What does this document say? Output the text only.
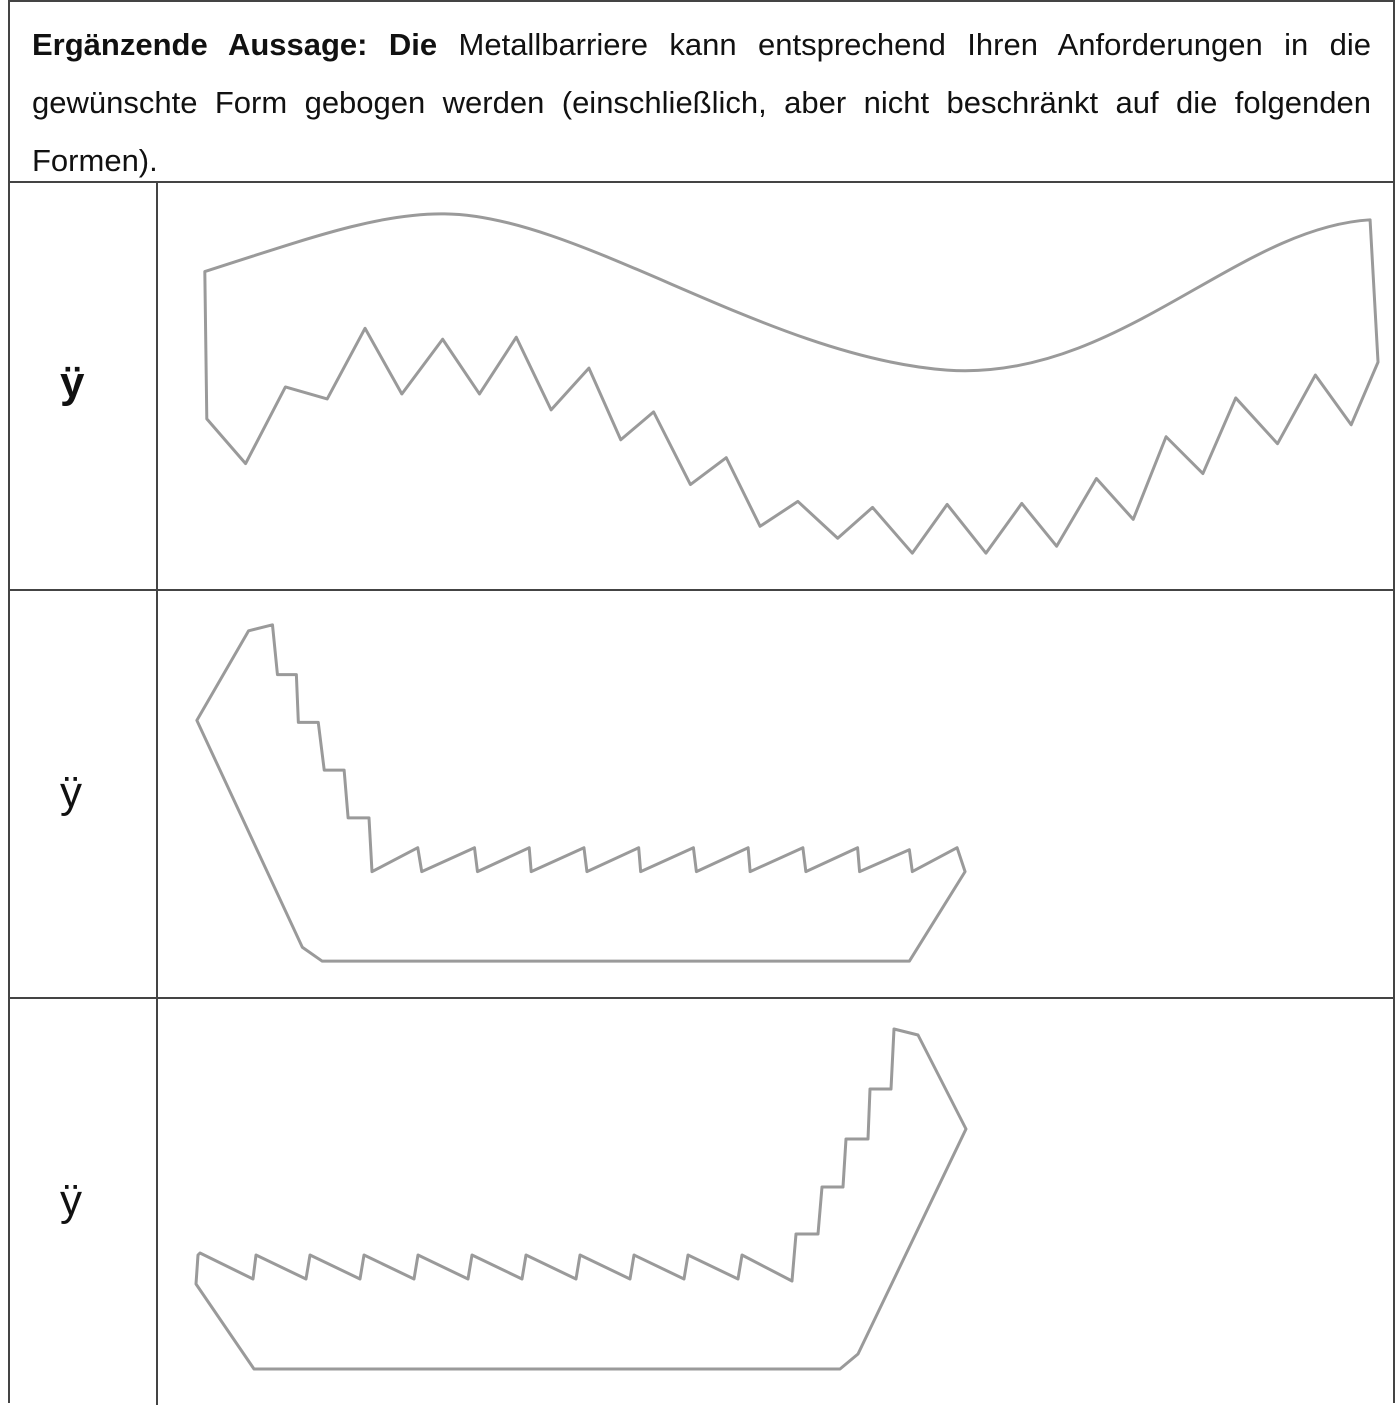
Ergänzende Aussage: Die Metallbarriere kann entsprechend Ihren Anforderungen in die gewünschte Form gebogen werden (einschließlich, aber nicht beschränkt auf die folgenden Formen).
ÿ
ÿ
ÿ
